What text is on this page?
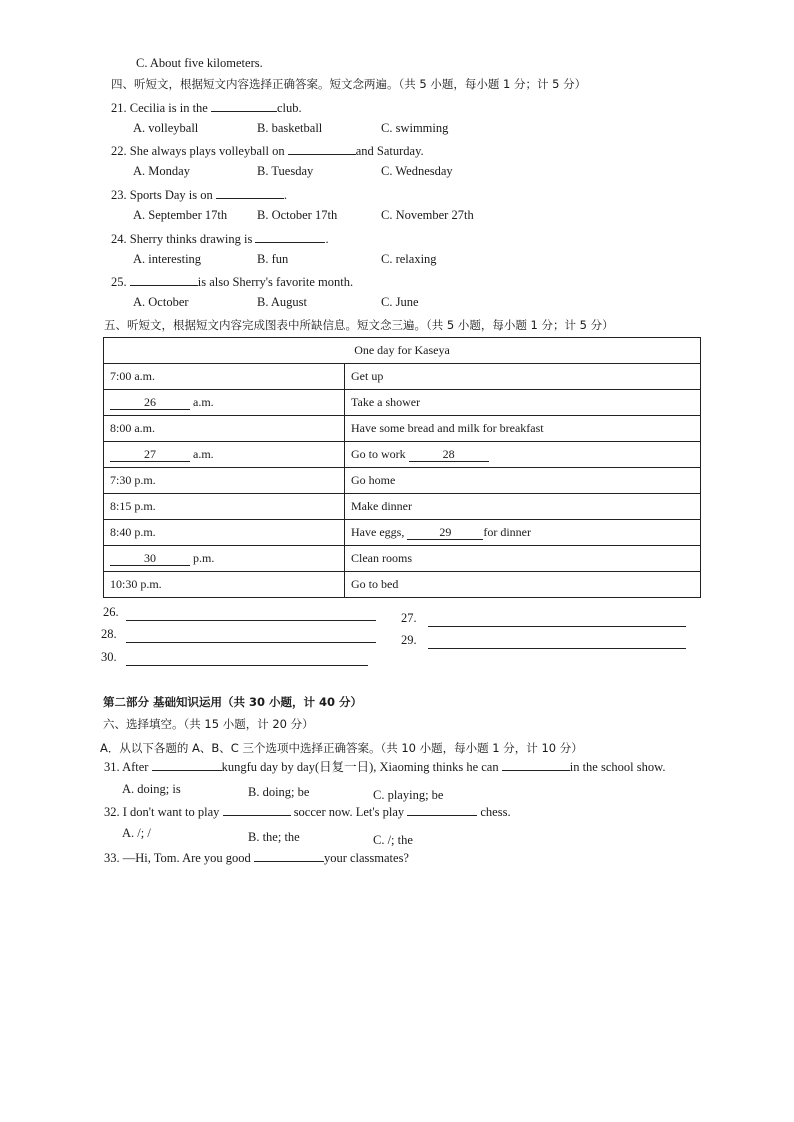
C. About five kilometers.
四、听短文，根据短文内容选择正确答案。短文念两遍。（共 5 小题，每小题 1 分；计 5 分）
21. Cecilia is in the	club.
A. volleyball	B. basketball	C. swimming
22. She always plays volleyball on	and Saturday.
A. Monday	B. Tuesday	C. Wednesday
23. Sports Day is on	.
A. September 17th B. October 17th	C. November 27th
24. Sherry thinks drawing is	.
A. interesting	B. fun	C. relaxing
25.	is also Sherry's favorite month.
A. October	B. August	C. June
五、听短文，根据短文内容完成图表中所缺信息。短文念三遍。（共 5 小题，每小题 1 分；计 5 分）
One day for Kaseya	
7:00 a.m.	Get up
26 a.m.	Take a shower
8:00 a.m.	Have some bread and milk for breakfast
27 a.m.	Go to work 28
7:30 p.m.	Go home
8:15 p.m.	Make dinner
8:40 p.m.	Have eggs, 29 for dinner
30 p.m.	Clean rooms
10:30 p.m.	Go to bed
26.	27.
28.	29.
30.
第二部分 基础知识运用（共 30 小题，计 40 分）
六、选择填空。（共 15 小题，计 20 分）
A．从以下各题的 A、B、C 三个选项中选择正确答案。（共 10 小题，每小题 1 分，计 10 分）
31. After	kungfu day by day(日复一日), Xiaoming thinks he can	in the school show.
A. doing; is	B. doing; be	C. playing; be
32. I don't want to play	soccer now. Let's play	chess.
A. /; /	B. the; the	C. /; the
33. —Hi, Tom. Are you good	your classmates?
